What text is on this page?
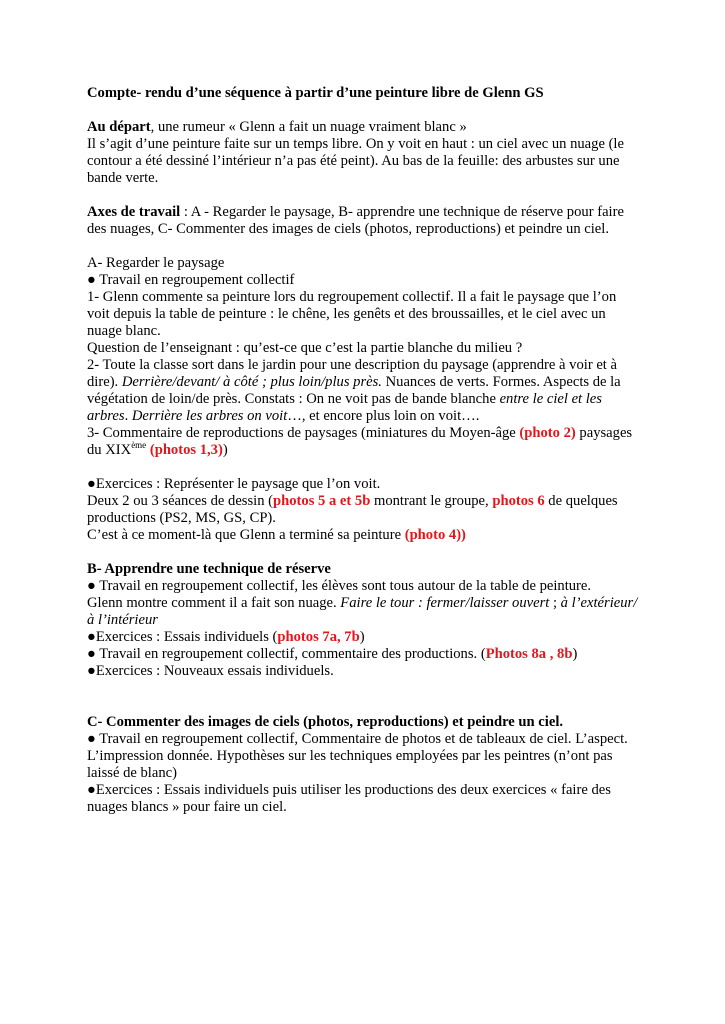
Compte- rendu d’une séquence à partir d’une peinture libre de Glenn GS
Au départ, une rumeur « Glenn a fait un nuage vraiment blanc »
Il s’agit d’une peinture faite sur un temps libre. On y voit en haut : un ciel avec un nuage (le
contour a été dessiné l’intérieur n’a pas été peint). Au bas de la feuille: des arbustes sur une
bande verte.
Axes de travail : A - Regarder le paysage, B- apprendre une technique de réserve pour faire
des nuages, C- Commenter des images de ciels (photos, reproductions) et peindre un ciel.
A- Regarder le paysage
● Travail en regroupement collectif
1- Glenn commente sa peinture lors du regroupement collectif. Il a fait le paysage que l’on
voit depuis la table de peinture : le chêne, les genêts et des broussailles, et le ciel avec un
nuage blanc.
Question de l’enseignant : qu’est-ce que c’est la partie blanche du milieu ?
2- Toute la classe sort dans le jardin pour une description du paysage (apprendre à voir et à
dire). Derrière/devant/ à côté ; plus loin/plus près. Nuances de verts. Formes. Aspects de la
végétation de loin/de près. Constats : On ne voit pas de bande blanche entre le ciel et les
arbres. Derrière les arbres on voit…, et encore plus loin on voit….
3- Commentaire de reproductions de paysages (miniatures du Moyen-âge (photo 2) paysages
du XIXème (photos 1,3))
●Exercices : Représenter le paysage que l’on voit.
Deux 2 ou 3 séances de dessin (photos 5 a et 5b montrant le groupe, photos 6 de quelques
productions (PS2, MS, GS, CP).
C’est à ce moment-là que Glenn a terminé sa peinture (photo 4))
B- Apprendre une technique de réserve
● Travail en regroupement collectif, les élèves sont tous autour de la table de peinture.
Glenn montre comment il a fait son nuage. Faire le tour : fermer/laisser ouvert ; à l’extérieur/
à l’intérieur
●Exercices : Essais individuels (photos 7a, 7b)
● Travail en regroupement collectif, commentaire des productions. (Photos 8a , 8b)
●Exercices : Nouveaux essais individuels.
C- Commenter des images de ciels (photos, reproductions) et peindre un ciel.
● Travail en regroupement collectif, Commentaire de photos et de tableaux de ciel. L’aspect.
L’impression donnée. Hypothèses sur les techniques employées par les peintres (n’ont pas
laissé de blanc)
●Exercices : Essais individuels puis utiliser les productions des deux exercices « faire des
nuages blancs » pour faire un ciel.
